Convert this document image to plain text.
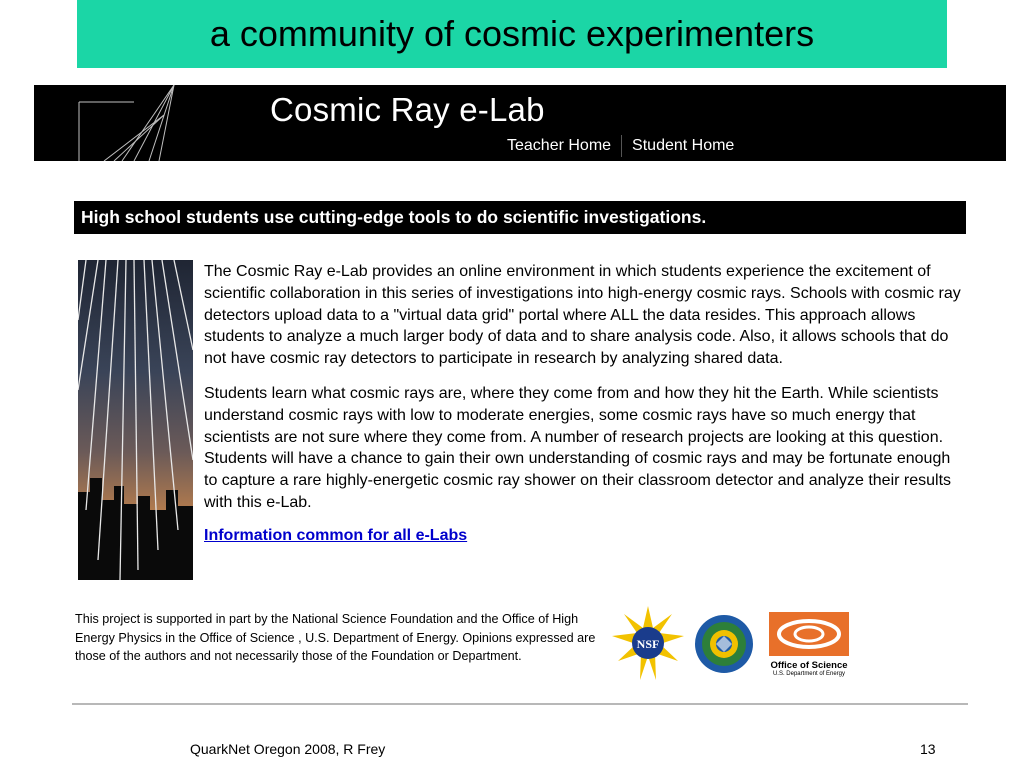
a community of cosmic experimenters
Cosmic Ray e-Lab
Teacher Home Student Home
High school students use cutting-edge tools to do scientific investigations.

The Cosmic Ray e-Lab provides an online environment in which students experience the excitement of scientific collaboration in this series of investigations into high-energy cosmic rays. Schools with cosmic ray detectors upload data to a "virtual data grid" portal where ALL the data resides. This approach allows students to analyze a much larger body of data and to share analysis code. Also, it allows schools that do not have cosmic ray detectors to participate in research by analyzing shared data.

Students learn what cosmic rays are, where they come from and how they hit the Earth. While scientists understand cosmic rays with low to moderate energies, some cosmic rays have so much energy that scientists are not sure where they come from. A number of research projects are looking at this question. Students will have a chance to gain their own understanding of cosmic rays and may be fortunate enough to capture a rare highly-energetic cosmic ray shower on their classroom detector and analyze their results with this e-Lab.

Information common for all e-Labs
This project is supported in part by the National Science Foundation and the Office of High Energy Physics in the Office of Science , U.S. Department of Energy. Opinions expressed are those of the authors and not necessarily those of the Foundation or Department.
NSF
Office of Science
U.S. Department of Energy
QuarkNet Oregon 2008, R Frey	13
